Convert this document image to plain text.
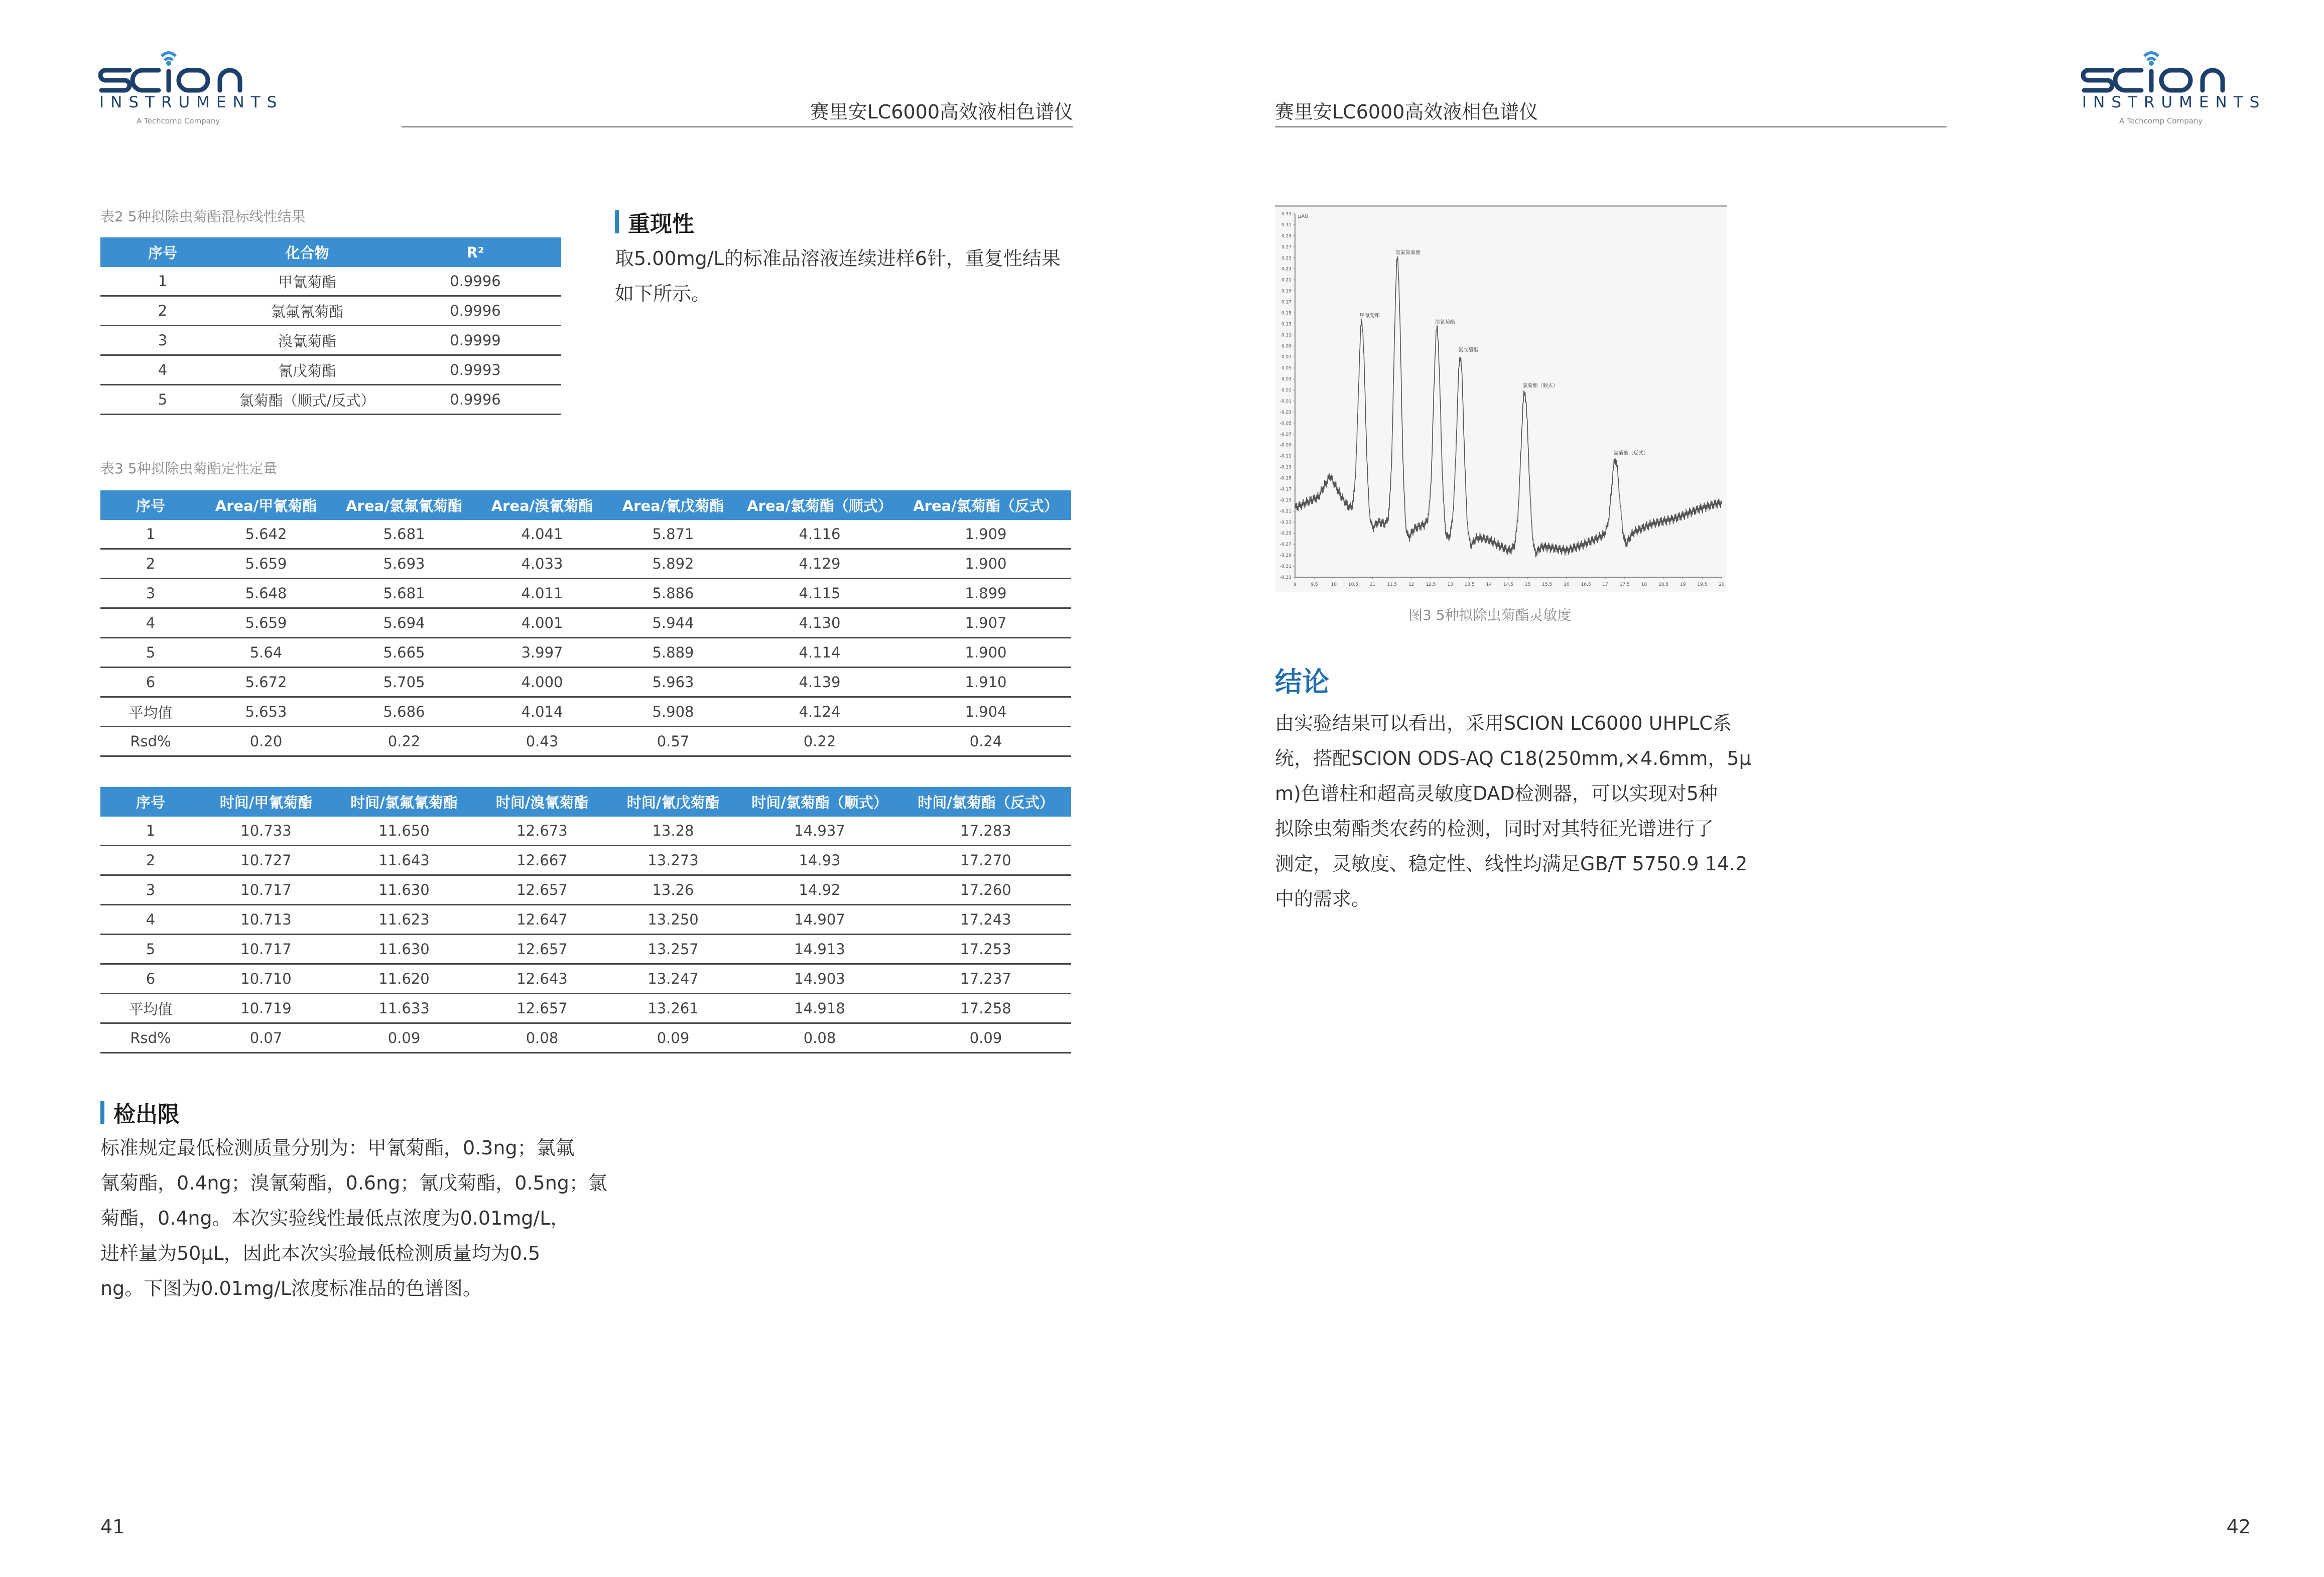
INSTRUMENTS
A Techcomp Company
INSTRUMENTS
A Techcomp Company
赛里安LC6000高效液相色谱仪	赛里安LC6000高效液相色谱仪
表2 5种拟除虫菊酯混标线性结果
序号	化合物	R²
1	甲氰菊酯	0.9996
2	氯氟氰菊酯	0.9996
3	溴氰菊酯	0.9999
4	氰戊菊酯	0.9993
5	氯菊酯（顺式/反式）	0.9996
表3 5种拟除虫菊酯定性定量
序号	Area/甲氰菊酯	Area/氯氟氰菊酯	Area/溴氰菊酯	Area/氰戊菊酯	Area/氯菊酯（顺式）	Area/氯菊酯（反式）
1	5.642	5.681	4.041	5.871	4.116	1.909
2	5.659	5.693	4.033	5.892	4.129	1.900
3	5.648	5.681	4.011	5.886	4.115	1.899
4	5.659	5.694	4.001	5.944	4.130	1.907
5	5.64	5.665	3.997	5.889	4.114	1.900
6	5.672	5.705	4.000	5.963	4.139	1.910
平均值	5.653	5.686	4.014	5.908	4.124	1.904
Rsd%	0.20	0.22	0.43	0.57	0.22	0.24
序号	时间/甲氰菊酯	时间/氯氟氰菊酯	时间/溴氰菊酯	时间/氰戊菊酯	时间/氯菊酯（顺式）	时间/氯菊酯（反式）
1	10.733	11.650	12.673	13.28	14.937	17.283
2	10.727	11.643	12.667	13.273	14.93	17.270
3	10.717	11.630	12.657	13.26	14.92	17.260
4	10.713	11.623	12.647	13.250	14.907	17.243
5	10.717	11.630	12.657	13.257	14.913	17.253
6	10.710	11.620	12.643	13.247	14.903	17.237
平均值	10.719	11.633	12.657	13.261	14.918	17.258
Rsd%	0.07	0.09	0.08	0.09	0.08	0.09
重现性
取5.00mg/L的标准品溶液连续进样6针，重复性结果
如下所示。
检出限
标准规定最低检测质量分别为：甲氰菊酯，0.3ng；氯氟
氰菊酯，0.4ng；溴氰菊酯，0.6ng；氰戊菊酯，0.5ng；氯
菊酯，0.4ng。本次实验线性最低点浓度为0.01mg/L，
进样量为50μL，因此本次实验最低检测质量均为0.5
ng。下图为0.01mg/L浓度标准品的色谱图。
μAU
0.33
0.31
0.29
0.27
0.25
0.23
0.21
0.19
0.17
0.15
0.13
0.11
0.09
0.07
0.05
0.03
0.01
-0.01
-0.03
-0.05
-0.07
-0.09
-0.11
-0.13
-0.15
-0.17
-0.19
-0.21
-0.23
-0.25
-0.27
-0.29
-0.31
-0.33
9	9.5	10	10.5	11	11.5	12	12.5	13	13.5	14	14.5	15	15.5	16	16.5	17	17.5	18	18.5	19	19.5	20
甲氰菊酯
氯氟氰菊酯
溴氰菊酯
氰戊菊酯
氯菊酯（顺式）
氯菊酯（反式）
图3 5种拟除虫菊酯灵敏度
结论
由实验结果可以看出，采用SCION LC6000 UHPLC系
统，搭配SCION ODS-AQ C18(250mm,×4.6mm，5μ
m)色谱柱和超高灵敏度DAD检测器，可以实现对5种
拟除虫菊酯类农药的检测，同时对其特征光谱进行了
测定，灵敏度、稳定性、线性均满足GB/T 5750.9 14.2
中的需求。
41	42
